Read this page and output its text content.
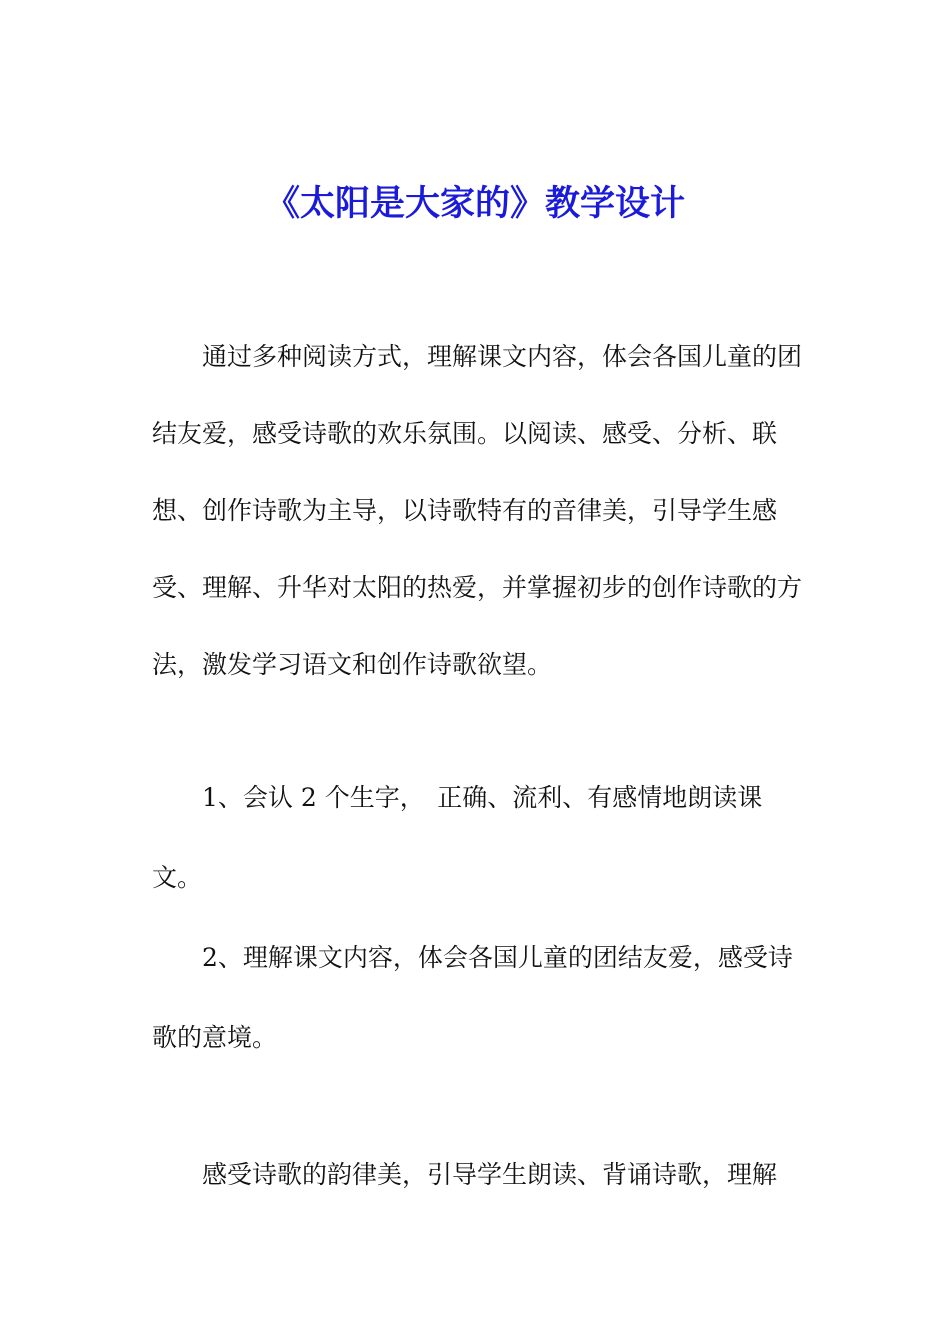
《太阳是大家的》教学设计

通过多种阅读方式，理解课文内容，体会各国儿童的团结友爱，感受诗歌的欢乐氛围。以阅读、感受、分析、联想、创作诗歌为主导，以诗歌特有的音律美，引导学生感受、理解、升华对太阳的热爱，并掌握初步的创作诗歌的方法，激发学习语文和创作诗歌欲望。

1、会认 2 个生字，　正确、流利、有感情地朗读课文。

2、理解课文内容，体会各国儿童的团结友爱，感受诗歌的意境。

感受诗歌的韵律美，引导学生朗读、背诵诗歌，理解
